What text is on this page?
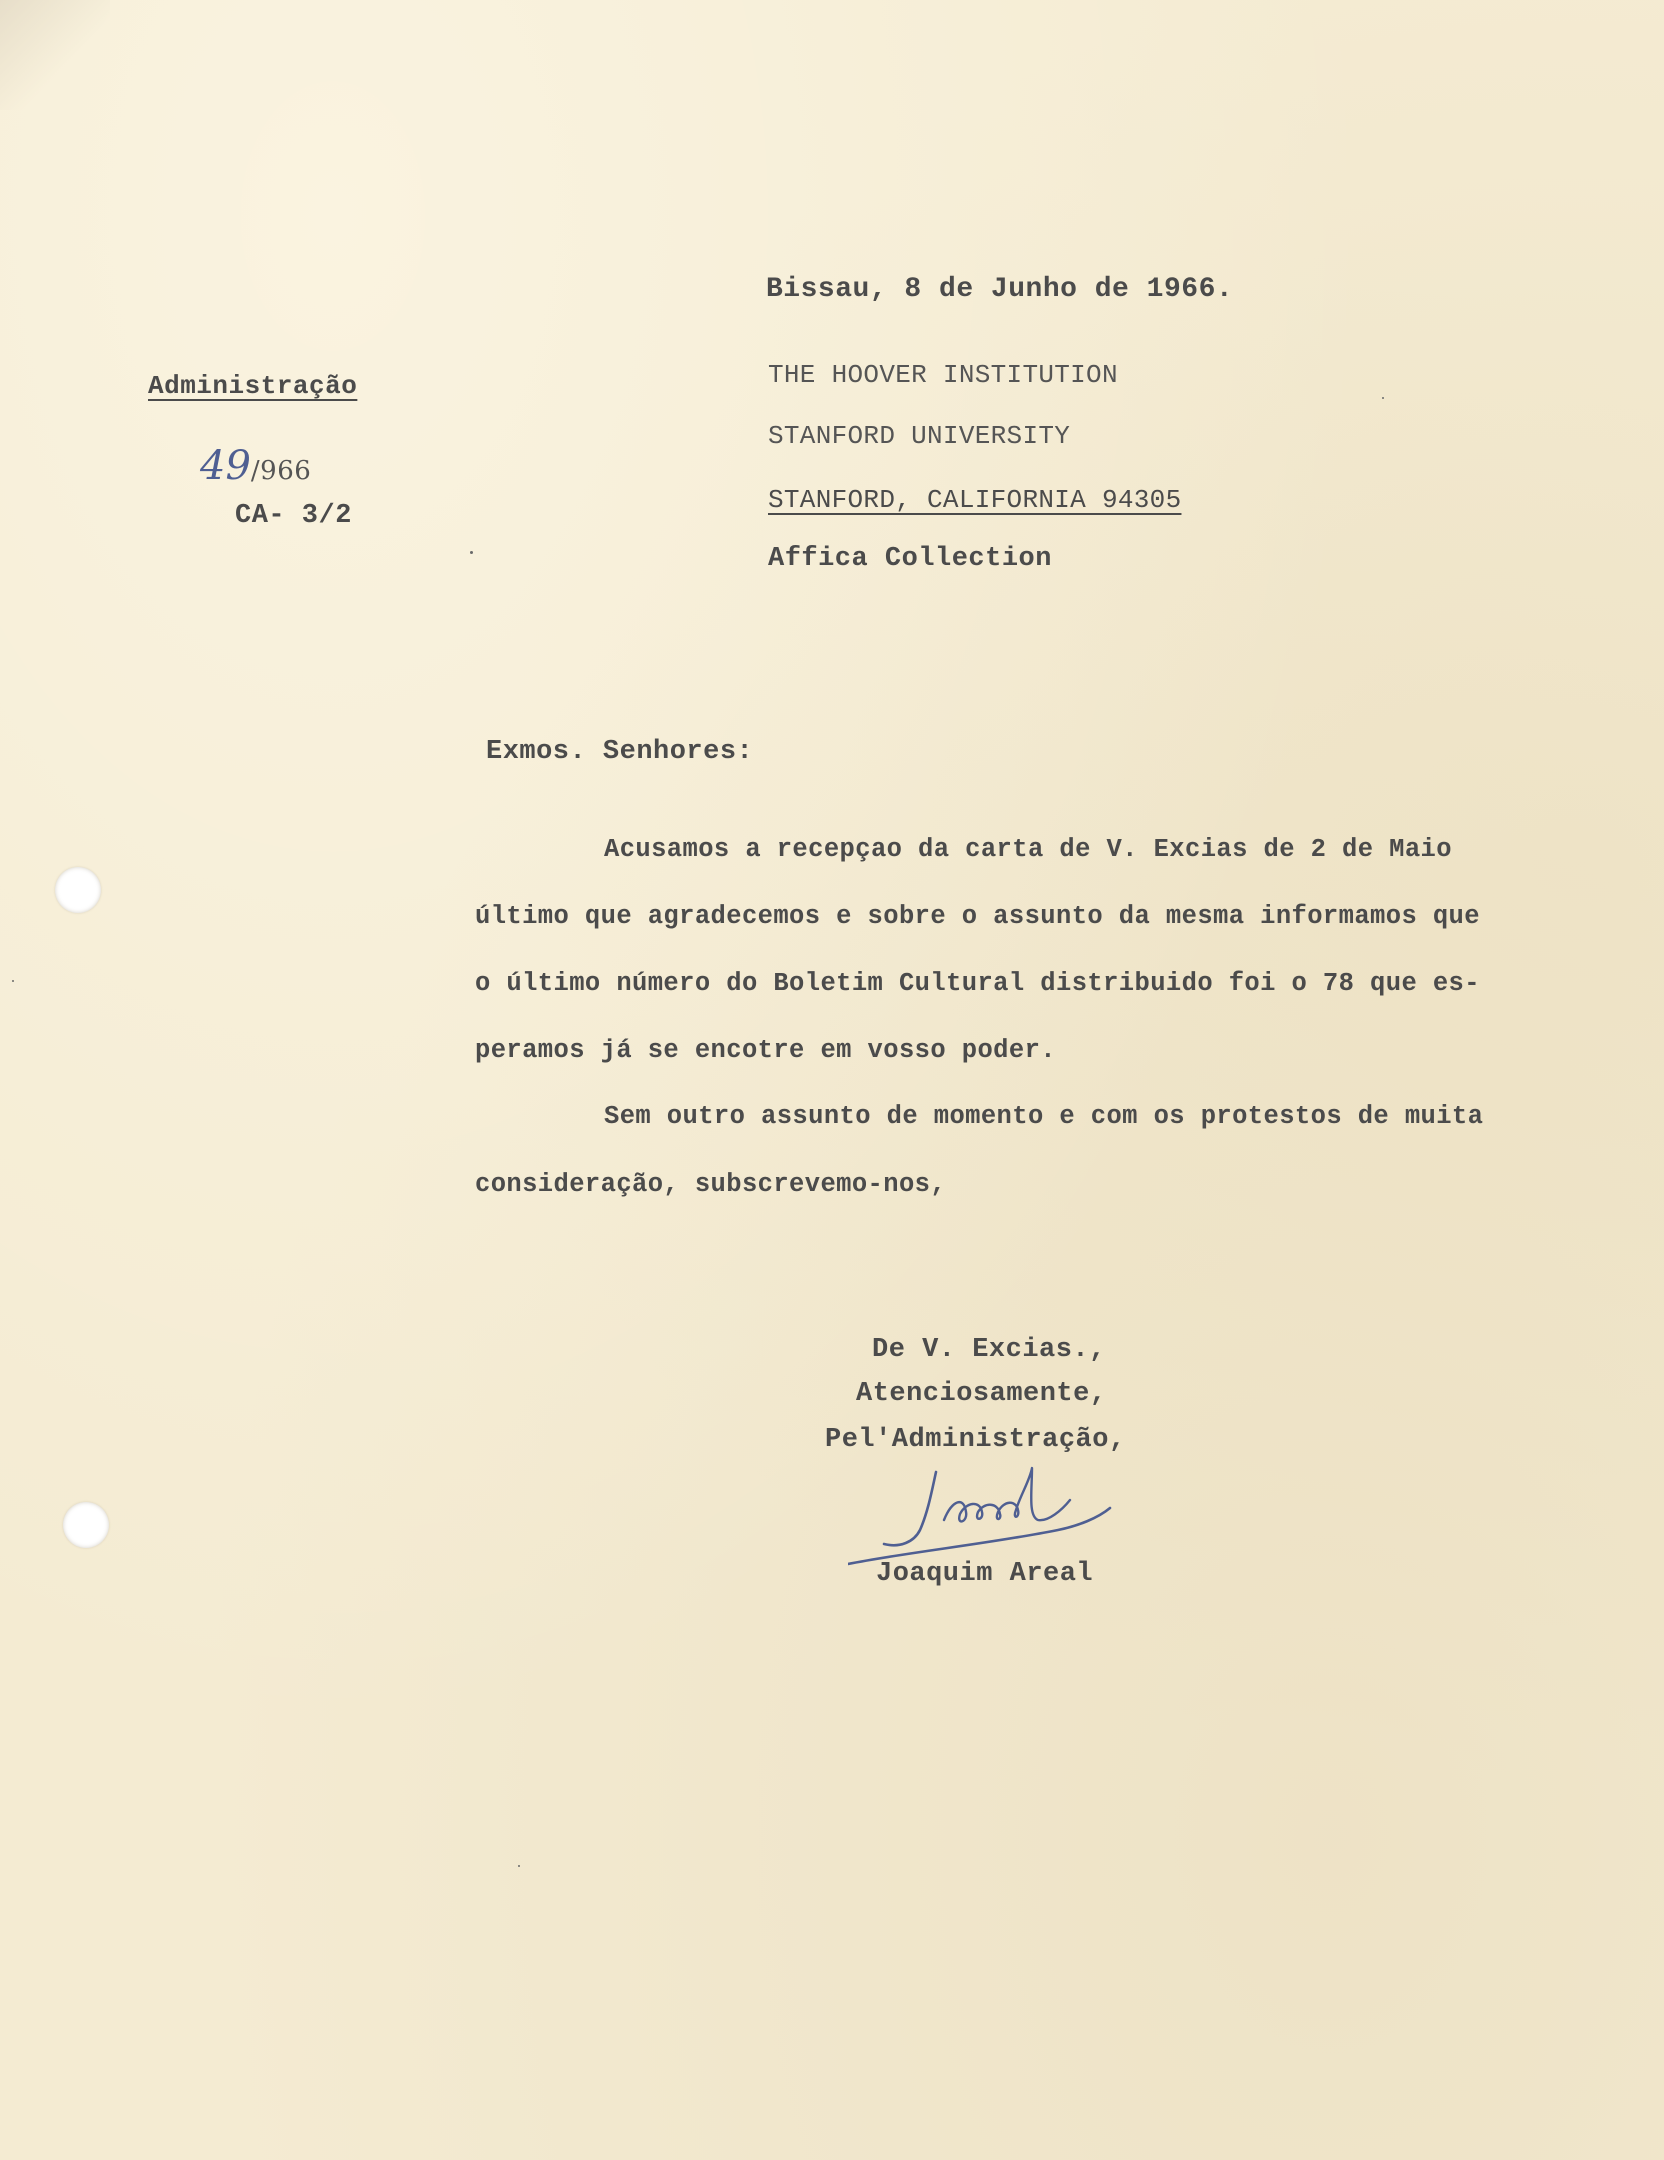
Bissau, 8 de Junho de 1966.
Administração
49/966
CA- 3/2
THE HOOVER INSTITUTION
STANFORD UNIVERSITY
STANFORD, CALIFORNIA 94305
Affica Collection
Exmos. Senhores:
Acusamos a recepçao da carta de V. Excias de 2 de Maio
último que agradecemos e sobre o assunto da mesma informamos que
o último número do Boletim Cultural distribuido foi o 78 que es-
peramos já se encotre em vosso poder.
Sem outro assunto de momento e com os protestos de muita
consideração, subscrevemo-nos,
De V. Excias.,
Atenciosamente,
Pel'Administração,
Joaquim Areal
